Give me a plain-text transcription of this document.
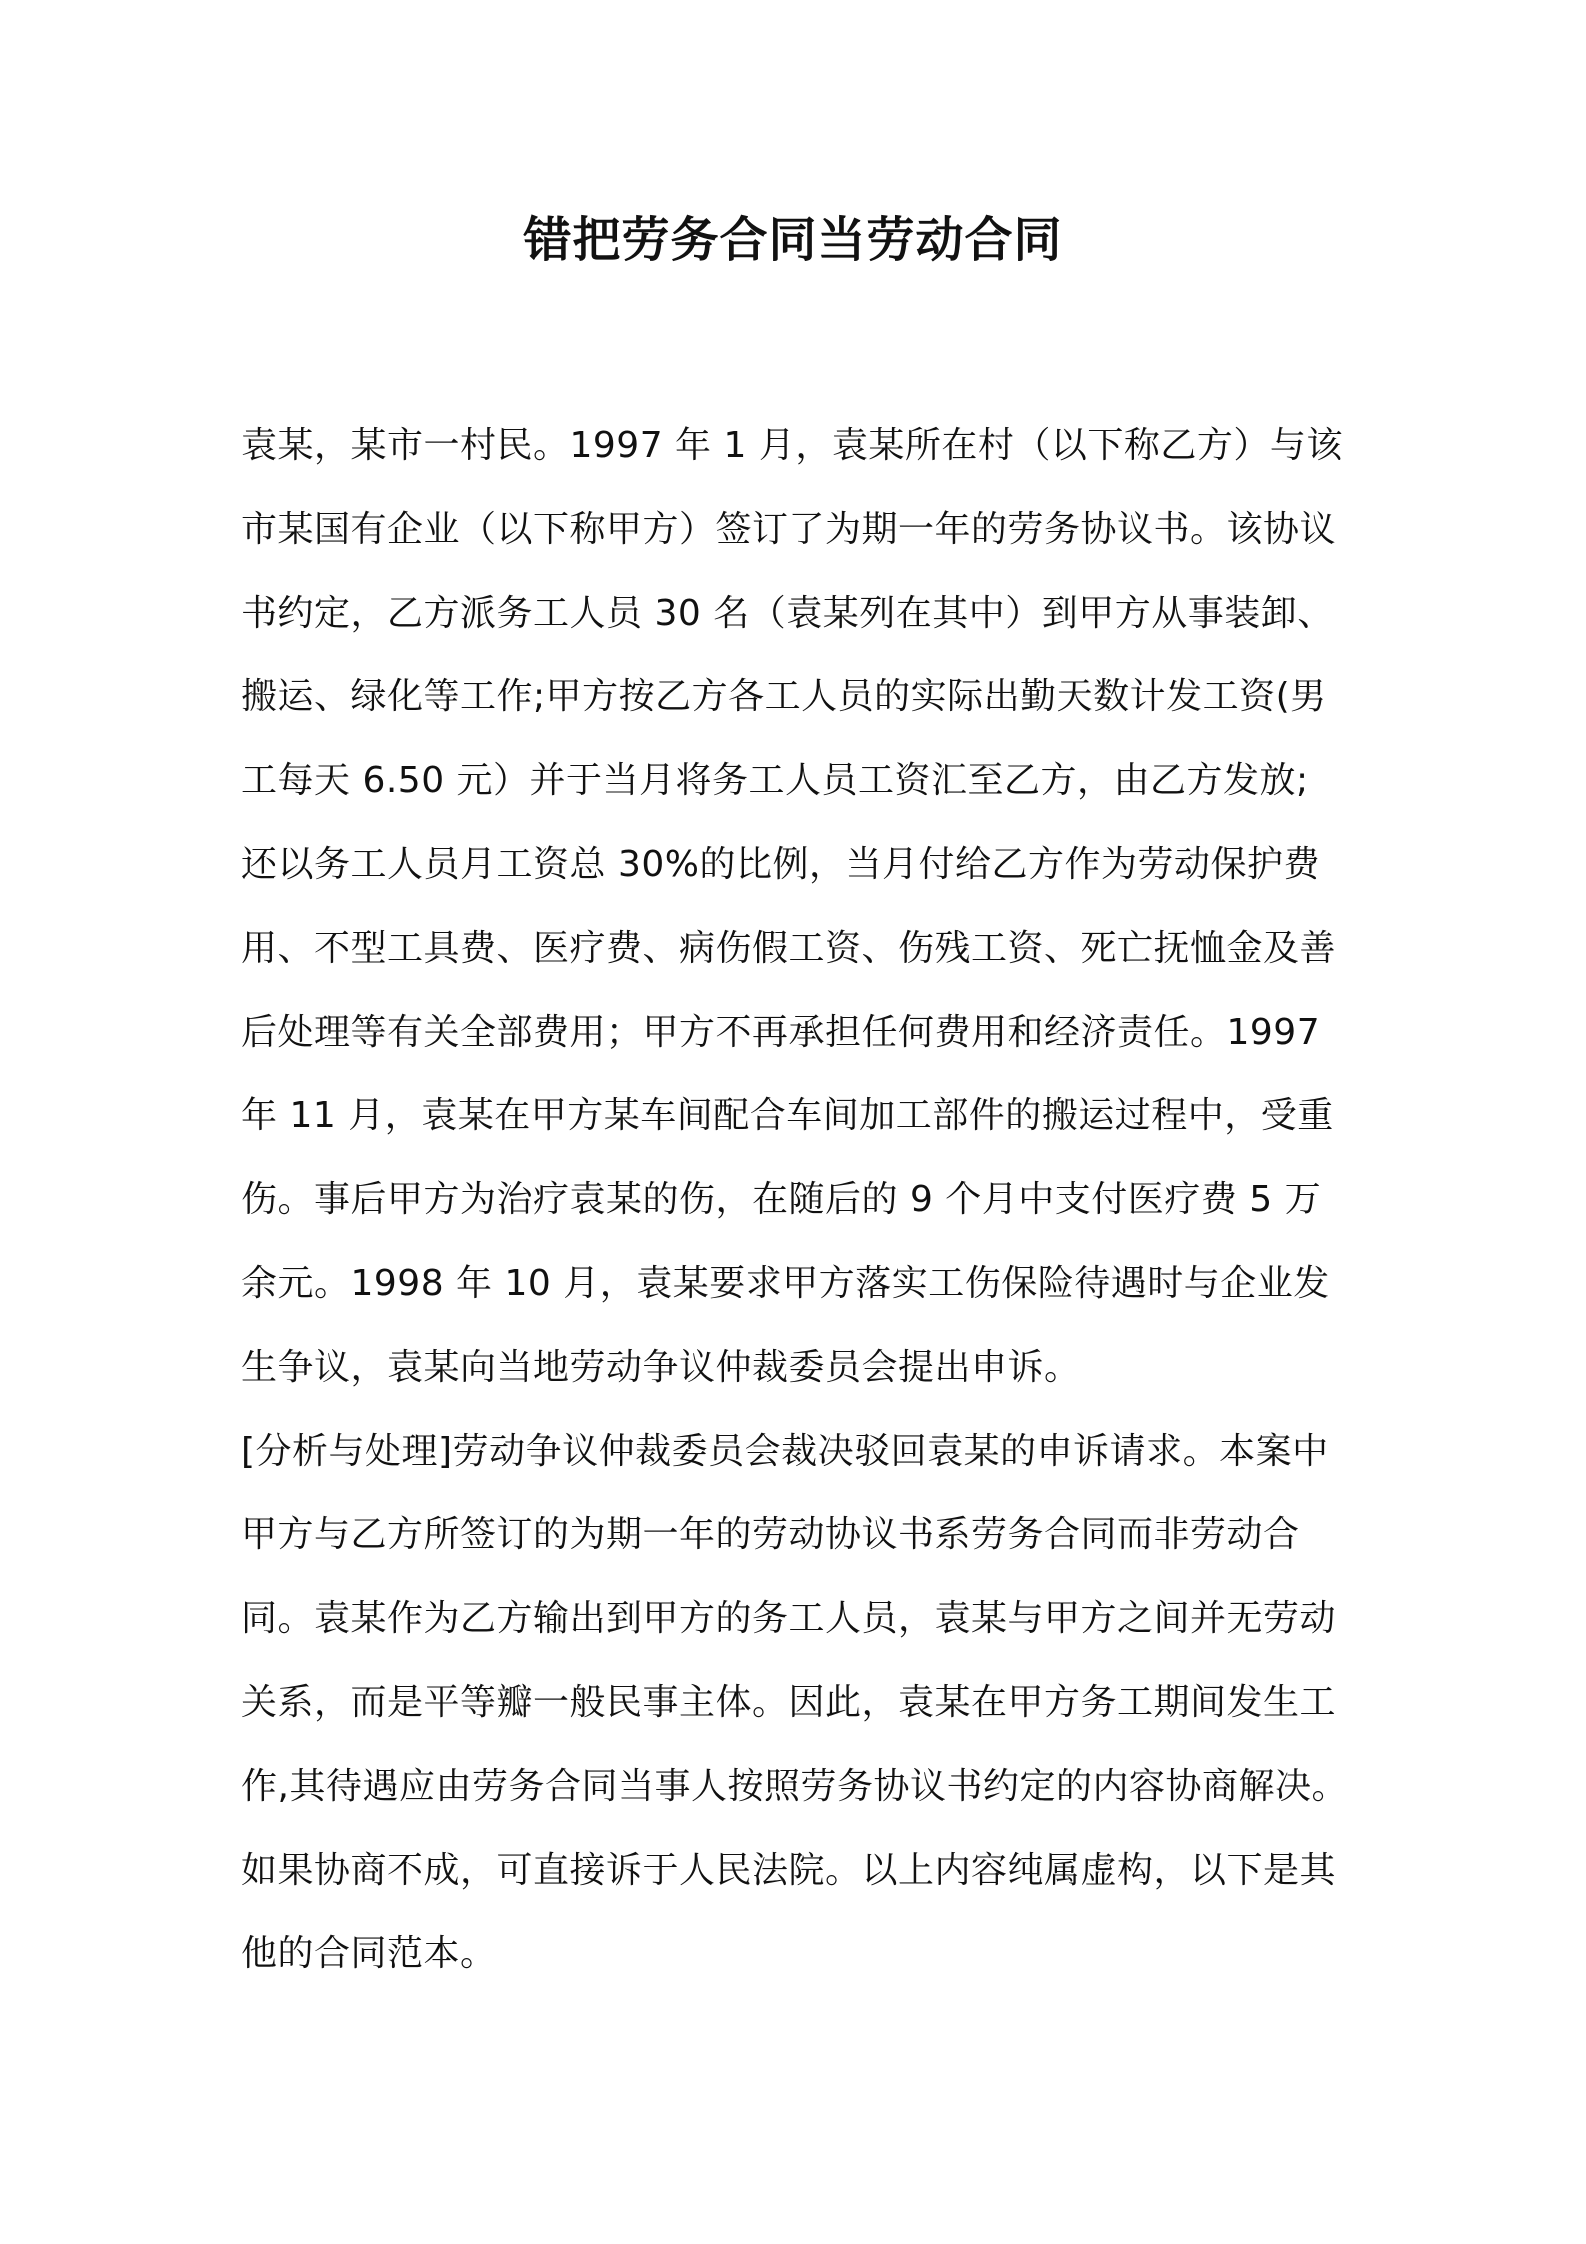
错把劳务合同当劳动合同

袁某，某市一村民。1997 年 1 月，袁某所在村（以下称乙方）与该

市某国有企业（以下称甲方）签订了为期一年的劳务协议书。该协议

书约定，乙方派务工人员 30 名（袁某列在其中）到甲方从事装卸、

搬运、绿化等工作;甲方按乙方各工人员的实际出勤天数计发工资(男

工每天 6.50 元）并于当月将务工人员工资汇至乙方，由乙方发放;

还以务工人员月工资总 30%的比例，当月付给乙方作为劳动保护费

用、不型工具费、医疗费、病伤假工资、伤残工资、死亡抚恤金及善

后处理等有关全部费用；甲方不再承担任何费用和经济责任。1997

年 11 月，袁某在甲方某车间配合车间加工部件的搬运过程中，受重

伤。事后甲方为治疗袁某的伤，在随后的 9 个月中支付医疗费 5 万

余元。1998 年 10 月，袁某要求甲方落实工伤保险待遇时与企业发

生争议，袁某向当地劳动争议仲裁委员会提出申诉。

[分析与处理]劳动争议仲裁委员会裁决驳回袁某的申诉请求。本案中

甲方与乙方所签订的为期一年的劳动协议书系劳务合同而非劳动合

同。袁某作为乙方输出到甲方的务工人员，袁某与甲方之间并无劳动

关系，而是平等瓣一般民事主体。因此，袁某在甲方务工期间发生工

作,其待遇应由劳务合同当事人按照劳务协议书约定的内容协商解决。

如果协商不成，可直接诉于人民法院。以上内容纯属虚构，以下是其

他的合同范本。
